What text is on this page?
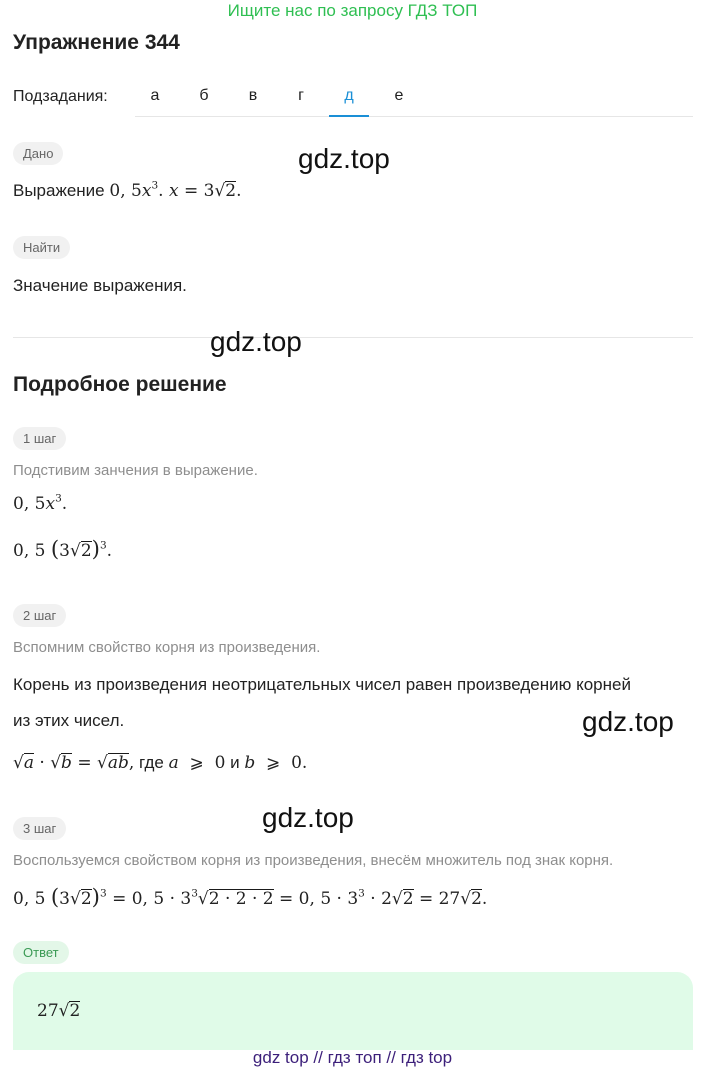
Ищите нас по запросу ГДЗ ТОП
Упражнение 344
Подзадания:	а	б	в	г	д	е
Дано
Выражение 0, $5x^3$. x = 3√2.
gdz.top
Найти
Значение выражения.
gdz.top
Подробное решение
1 шаг
Подстивим занчения в выражение.
0, $5x^3$.
0, 5 $(3√2)^3$.
2 шаг
Вспомним свойство корня из произведения.
Корень из произведения неотрицательных чисел равен произведению корней
из этих чисел.	gdz.top
√a · √b = √ab, где a  ⩾  0 и b  ⩾  0.
3 шаг	gdz.top
Воспользуемся свойством корня из произведения, внесём множитель под знак корня.
0, 5 $(3√2)^3 = 0$, $5 \cdot 3^3√2 \cdot 2 \cdot 2 = 0$, $5 \cdot 3^3 \cdot 2√2 = 27√2$.
Ответ
27√2
gdz top // гдз топ // гдз top
